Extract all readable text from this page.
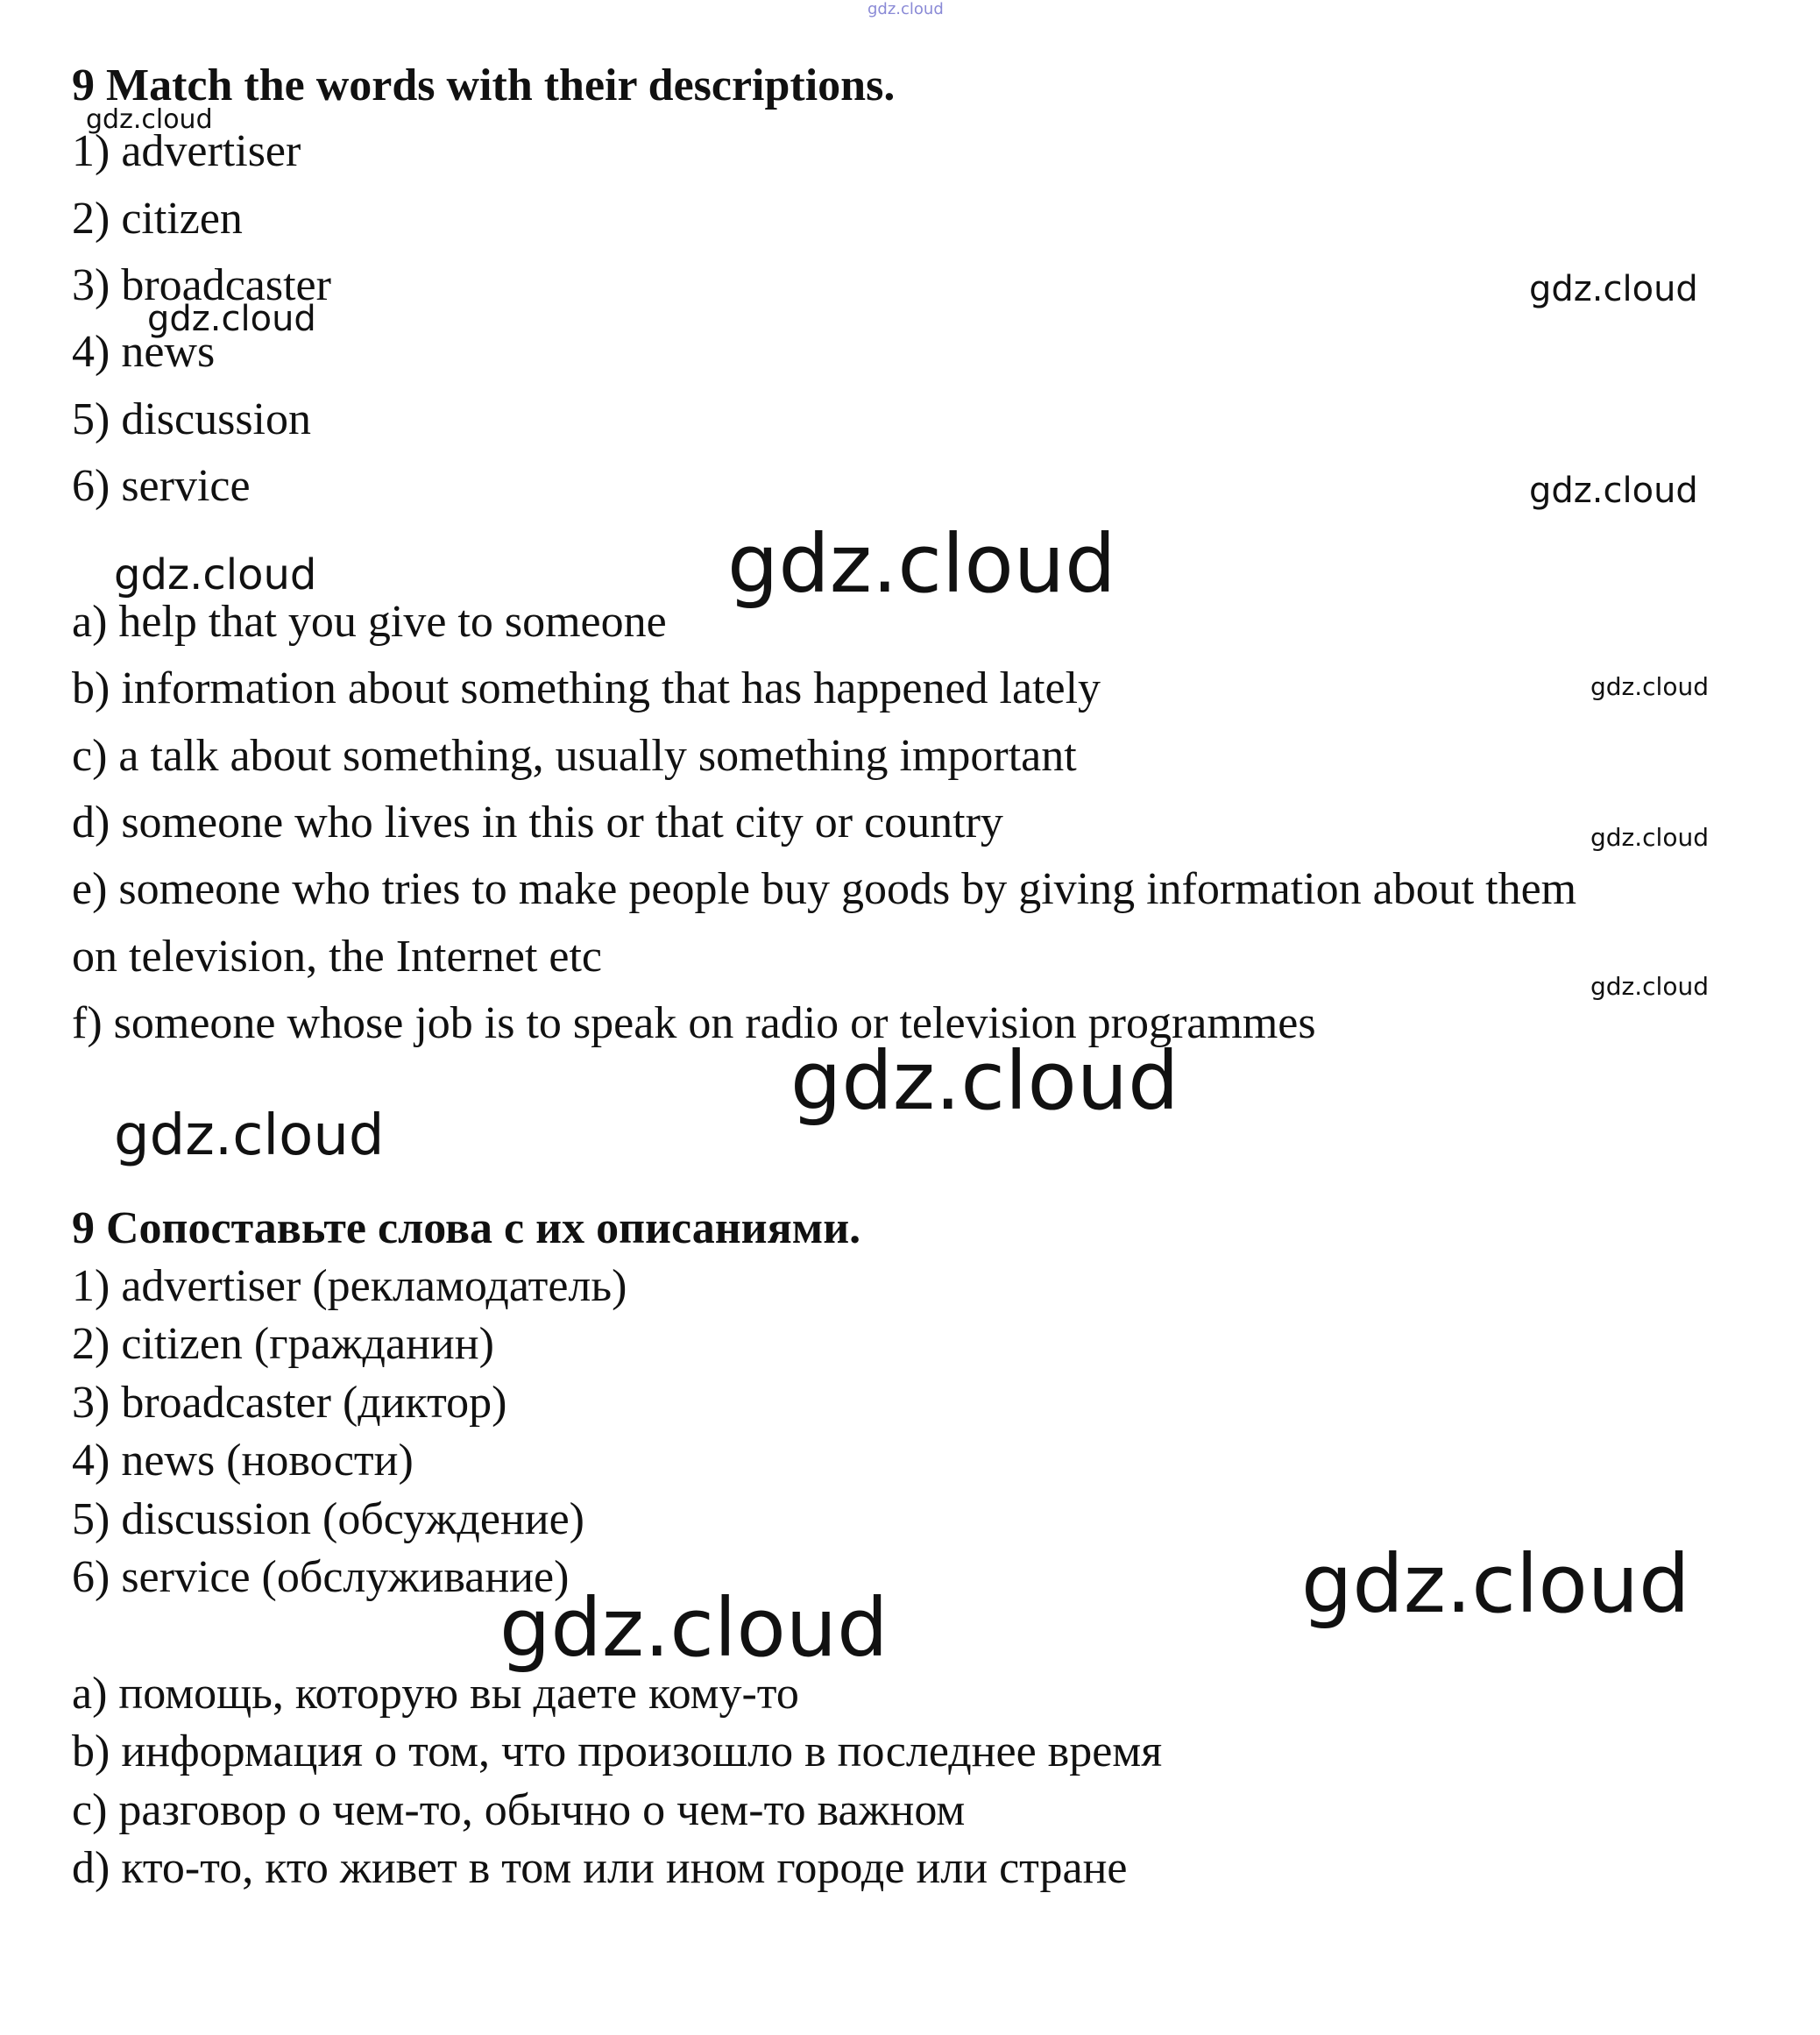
9 Match the words with their descriptions.
1) advertiser
2) citizen
3) broadcaster
4) news
5) discussion
6) service
a) help that you give to someone
b) information about something that has happened lately
c) a talk about something, usually something important
d) someone who lives in this or that city or country
e) someone who tries to make people buy goods by giving information about them
on television, the Internet etc
f) someone whose job is to speak on radio or television programmes
9 Сопоставьте слова с их описаниями.
1) advertiser (рекламодатель)
2) citizen (гражданин)
3) broadcaster (диктор)
4) news (новости)
5) discussion (обсуждение)
6) service (обслуживание)
a) помощь, которую вы даете кому-то
b) информация о том, что произошло в последнее время
c) разговор о чем-то, обычно о чем-то важном
d) кто-то, кто живет в том или ином городе или стране
gdz.cloud
gdz.cloud
gdz.cloud
gdz.cloud
gdz.cloud
gdz.cloud	gdz.cloud
gdz.cloud
gdz.cloud
gdz.cloud
gdz.cloud
gdz.cloud
gdz.cloud
gdz.cloud
